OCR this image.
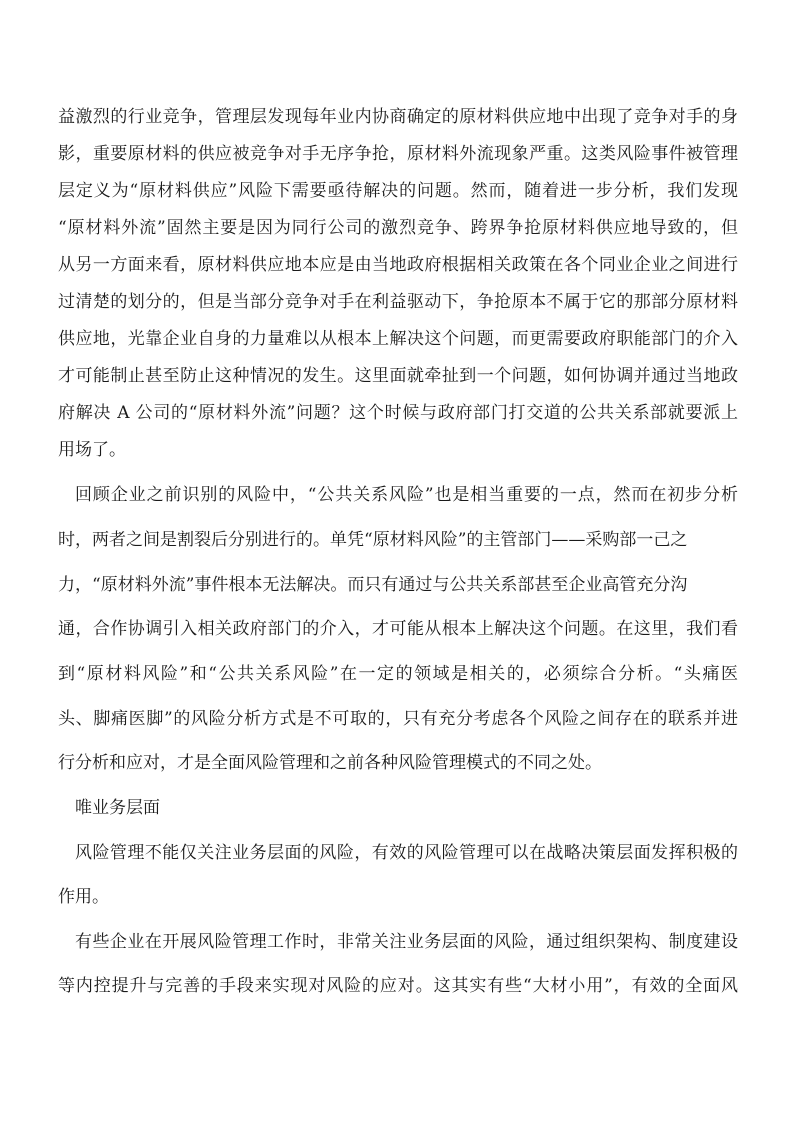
益激烈的行业竞争，管理层发现每年业内协商确定的原材料供应地中出现了竞争对手的身
影，重要原材料的供应被竞争对手无序争抢，原材料外流现象严重。这类风险事件被管理
层定义为“原材料供应”风险下需要亟待解决的问题。然而，随着进一步分析，我们发现
“原材料外流”固然主要是因为同行公司的激烈竞争、跨界争抢原材料供应地导致的，但
从另一方面来看，原材料供应地本应是由当地政府根据相关政策在各个同业企业之间进行
过清楚的划分的，但是当部分竞争对手在利益驱动下，争抢原本不属于它的那部分原材料
供应地，光靠企业自身的力量难以从根本上解决这个问题，而更需要政府职能部门的介入
才可能制止甚至防止这种情况的发生。这里面就牵扯到一个问题，如何协调并通过当地政
府解决 A 公司的“原材料外流”问题？这个时候与政府部门打交道的公共关系部就要派上
用场了。
回顾企业之前识别的风险中，“公共关系风险”也是相当重要的一点，然而在初步分析
时，两者之间是割裂后分别进行的。单凭“原材料风险”的主管部门——采购部一己之
力，“原材料外流”事件根本无法解决。而只有通过与公共关系部甚至企业高管充分沟
通，合作协调引入相关政府部门的介入，才可能从根本上解决这个问题。在这里，我们看
到“原材料风险”和“公共关系风险”在一定的领域是相关的，必须综合分析。“头痛医
头、脚痛医脚”的风险分析方式是不可取的，只有充分考虑各个风险之间存在的联系并进
行分析和应对，才是全面风险管理和之前各种风险管理模式的不同之处。
唯业务层面
风险管理不能仅关注业务层面的风险，有效的风险管理可以在战略决策层面发挥积极的
作用。
有些企业在开展风险管理工作时，非常关注业务层面的风险，通过组织架构、制度建设
等内控提升与完善的手段来实现对风险的应对。这其实有些“大材小用”，有效的全面风
